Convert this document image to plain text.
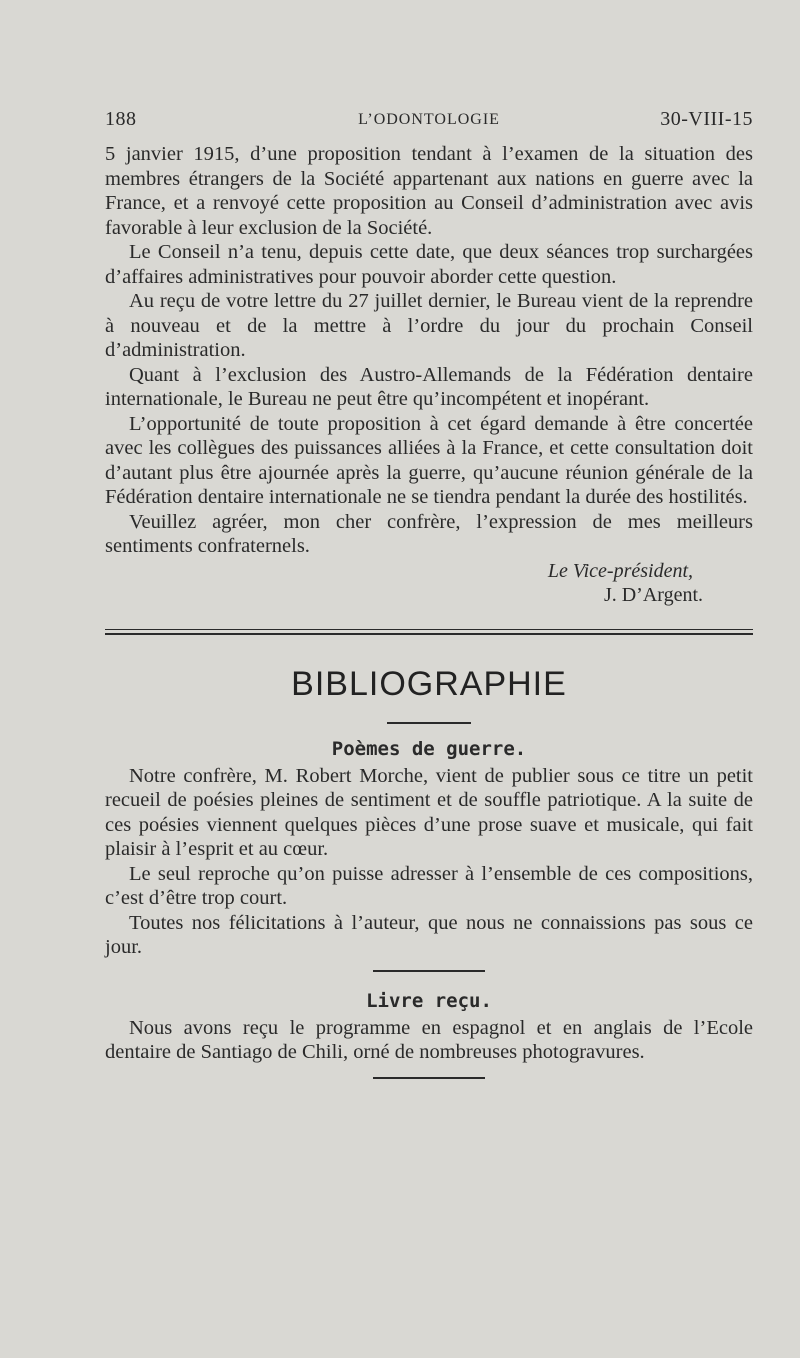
188	L’ODONTOLOGIE	30-VIII-15

5 janvier 1915, d’une proposition tendant à l’examen de la situation des membres étrangers de la Société appartenant aux nations en guerre avec la France, et a renvoyé cette proposition au Conseil d’administration avec avis favorable à leur exclusion de la Société.

Le Conseil n’a tenu, depuis cette date, que deux séances trop surchargées d’affaires administratives pour pouvoir aborder cette question.

Au reçu de votre lettre du 27 juillet dernier, le Bureau vient de la reprendre à nouveau et de la mettre à l’ordre du jour du prochain Conseil d’administration.

Quant à l’exclusion des Austro-Allemands de la Fédération dentaire internationale, le Bureau ne peut être qu’incompétent et inopérant.

L’opportunité de toute proposition à cet égard demande à être concertée avec les collègues des puissances alliées à la France, et cette consultation doit d’autant plus être ajournée après la guerre, qu’aucune réunion générale de la Fédération dentaire internationale ne se tiendra pendant la durée des hostilités.

Veuillez agréer, mon cher confrère, l’expression de mes meilleurs sentiments confraternels.

Le Vice-président,
J. D’Argent.
BIBLIOGRAPHIE
Poèmes de guerre.

Notre confrère, M. Robert Morche, vient de publier sous ce titre un petit recueil de poésies pleines de sentiment et de souffle patriotique. A la suite de ces poésies viennent quelques pièces d’une prose suave et musicale, qui fait plaisir à l’esprit et au cœur.

Le seul reproche qu’on puisse adresser à l’ensemble de ces compositions, c’est d’être trop court.

Toutes nos félicitations à l’auteur, que nous ne connaissions pas sous ce jour.

Livre reçu.

Nous avons reçu le programme en espagnol et en anglais de l’Ecole dentaire de Santiago de Chili, orné de nombreuses photogravures.
